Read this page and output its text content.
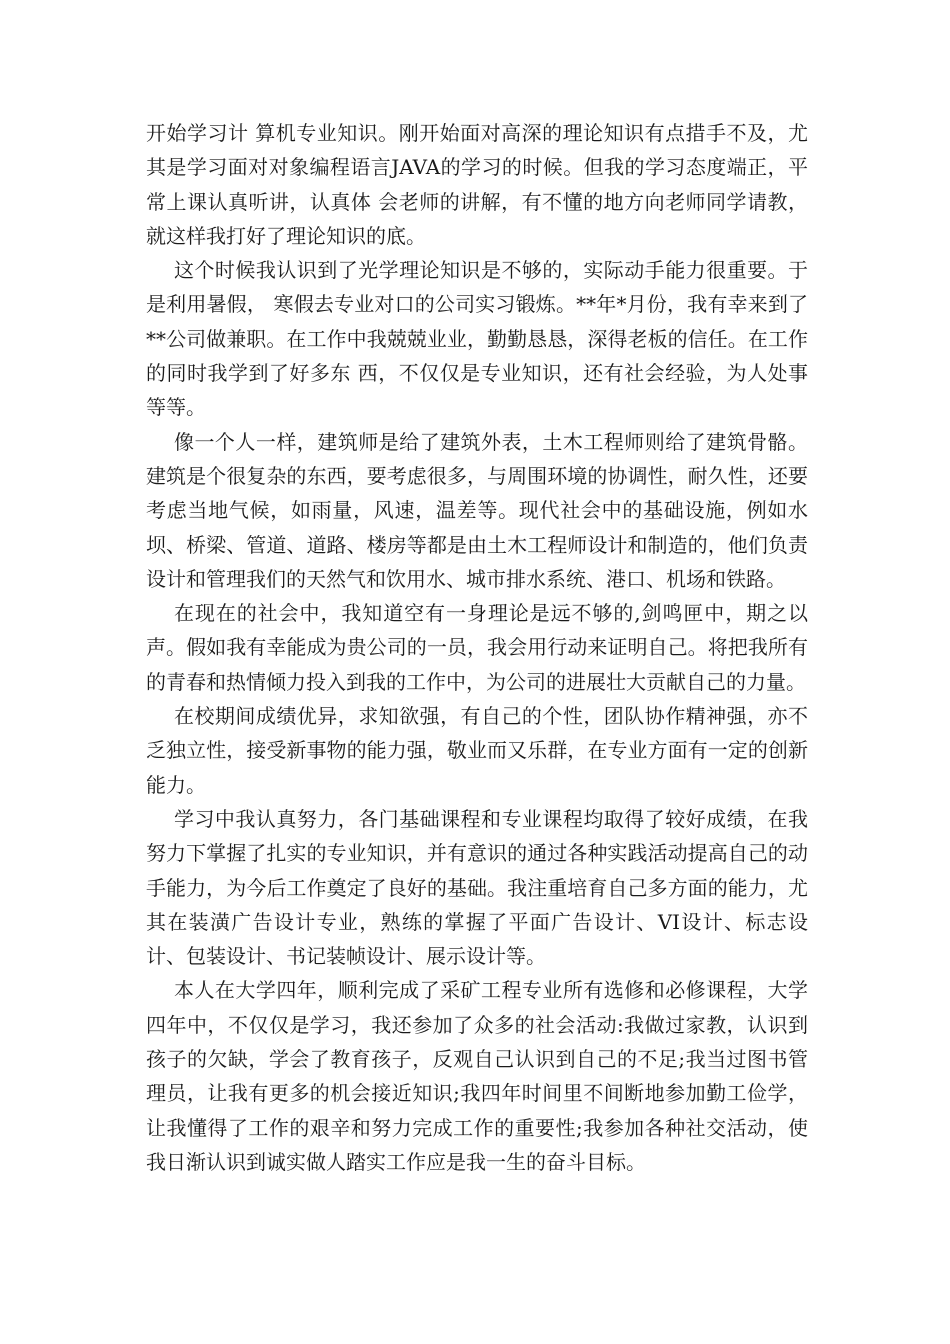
开始学习计 算机专业知识。刚开始面对高深的理论知识有点措手不及，尤其是学习面对对象编程语言JAVA的学习的时候。但我的学习态度端正，平常上课认真听讲，认真体 会老师的讲解，有不懂的地方向老师同学请教，就这样我打好了理论知识的底。

这个时候我认识到了光学理论知识是不够的，实际动手能力很重要。于是利用暑假， 寒假去专业对口的公司实习锻炼。**年*月份，我有幸来到了**公司做兼职。在工作中我兢兢业业，勤勤恳恳，深得老板的信任。在工作的同时我学到了好多东 西，不仅仅是专业知识，还有社会经验，为人处事等等。

像一个人一样，建筑师是给了建筑外表，土木工程师则给了建筑骨骼。建筑是个很复杂的东西，要考虑很多，与周围环境的协调性，耐久性，还要考虑当地气候，如雨量，风速，温差等。现代社会中的基础设施，例如水坝、桥梁、管道、道路、楼房等都是由土木工程师设计和制造的，他们负责设计和管理我们的天然气和饮用水、城市排水系统、港口、机场和铁路。

在现在的社会中，我知道空有一身理论是远不够的,剑鸣匣中，期之以声。假如我有幸能成为贵公司的一员，我会用行动来证明自己。将把我所有的青春和热情倾力投入到我的工作中，为公司的进展壮大贡献自己的力量。

在校期间成绩优异，求知欲强，有自己的个性，团队协作精神强，亦不乏独立性，接受新事物的能力强，敬业而又乐群，在专业方面有一定的创新能力。

学习中我认真努力，各门基础课程和专业课程均取得了较好成绩，在我努力下掌握了扎实的专业知识，并有意识的通过各种实践活动提高自己的动手能力，为今后工作奠定了良好的基础。我注重培育自己多方面的能力，尤其在装潢广告设计专业，熟练的掌握了平面广告设计、VI设计、标志设计、包装设计、书记装帧设计、展示设计等。

本人在大学四年，顺利完成了采矿工程专业所有选修和必修课程，大学四年中，不仅仅是学习，我还参加了众多的社会活动:我做过家教，认识到孩子的欠缺，学会了教育孩子，反观自己认识到自己的不足;我当过图书管理员，让我有更多的机会接近知识;我四年时间里不间断地参加勤工俭学，让我懂得了工作的艰辛和努力完成工作的重要性;我参加各种社交活动，使我日渐认识到诚实做人踏实工作应是我一生的奋斗目标。
